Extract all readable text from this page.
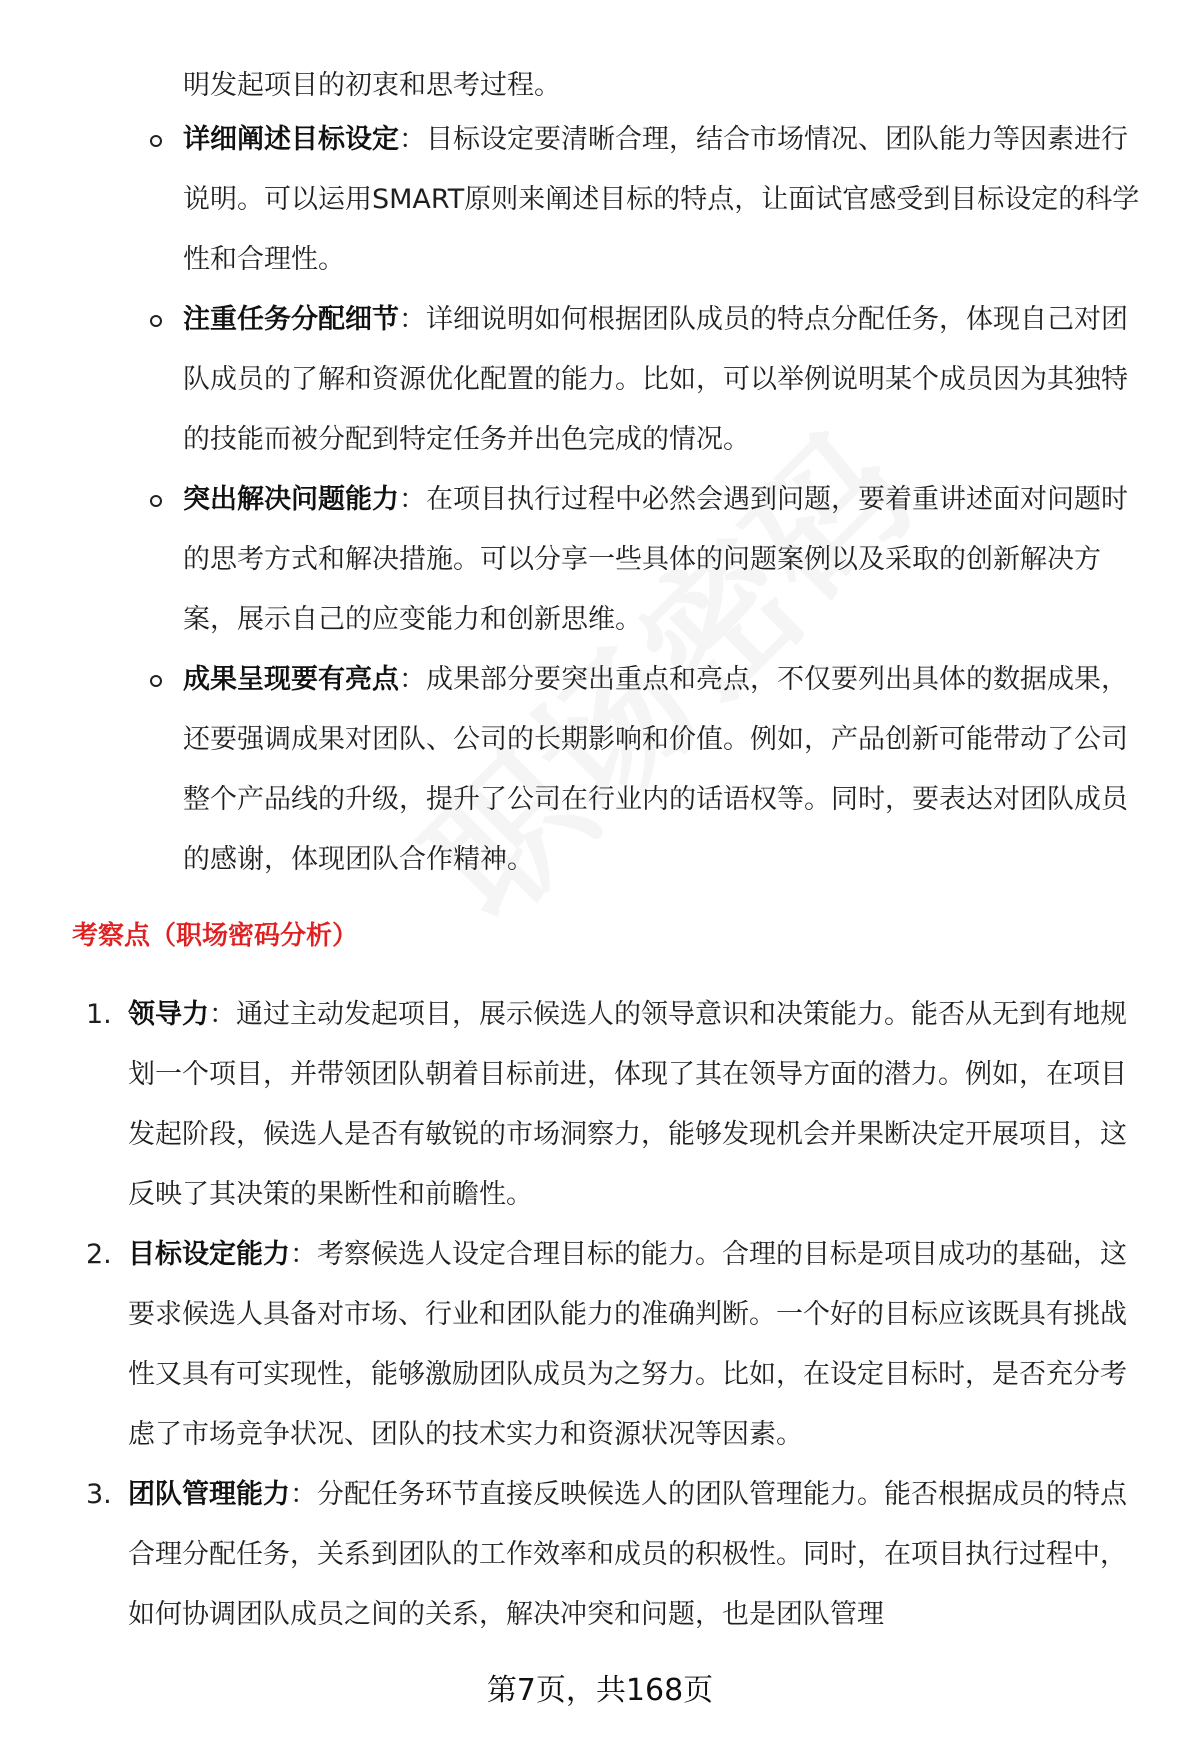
明发起项目的初衷和思考过程。
详细阐述目标设定：目标设定要清晰合理，结合市场情况、团队能力等因素进行说明。可以运用SMART原则来阐述目标的特点，让面试官感受到目标设定的科学性和合理性。
注重任务分配细节：详细说明如何根据团队成员的特点分配任务，体现自己对团队成员的了解和资源优化配置的能力。比如，可以举例说明某个成员因为其独特的技能而被分配到特定任务并出色完成的情况。
突出解决问题能力：在项目执行过程中必然会遇到问题，要着重讲述面对问题时的思考方式和解决措施。可以分享一些具体的问题案例以及采取的创新解决方案，展示自己的应变能力和创新思维。
成果呈现要有亮点：成果部分要突出重点和亮点，不仅要列出具体的数据成果，还要强调成果对团队、公司的长期影响和价值。例如，产品创新可能带动了公司整个产品线的升级，提升了公司在行业内的话语权等。同时，要表达对团队成员的感谢，体现团队合作精神。
考察点（职场密码分析）
1. 领导力：通过主动发起项目，展示候选人的领导意识和决策能力。能否从无到有地规划一个项目，并带领团队朝着目标前进，体现了其在领导方面的潜力。例如，在项目发起阶段，候选人是否有敏锐的市场洞察力，能够发现机会并果断决定开展项目，这反映了其决策的果断性和前瞻性。
2. 目标设定能力：考察候选人设定合理目标的能力。合理的目标是项目成功的基础，这要求候选人具备对市场、行业和团队能力的准确判断。一个好的目标应该既具有挑战性又具有可实现性，能够激励团队成员为之努力。比如，在设定目标时，是否充分考虑了市场竞争状况、团队的技术实力和资源状况等因素。
3. 团队管理能力：分配任务环节直接反映候选人的团队管理能力。能否根据成员的特点合理分配任务，关系到团队的工作效率和成员的积极性。同时，在项目执行过程中，如何协调团队成员之间的关系，解决冲突和问题，也是团队管理
第7页，共168页
